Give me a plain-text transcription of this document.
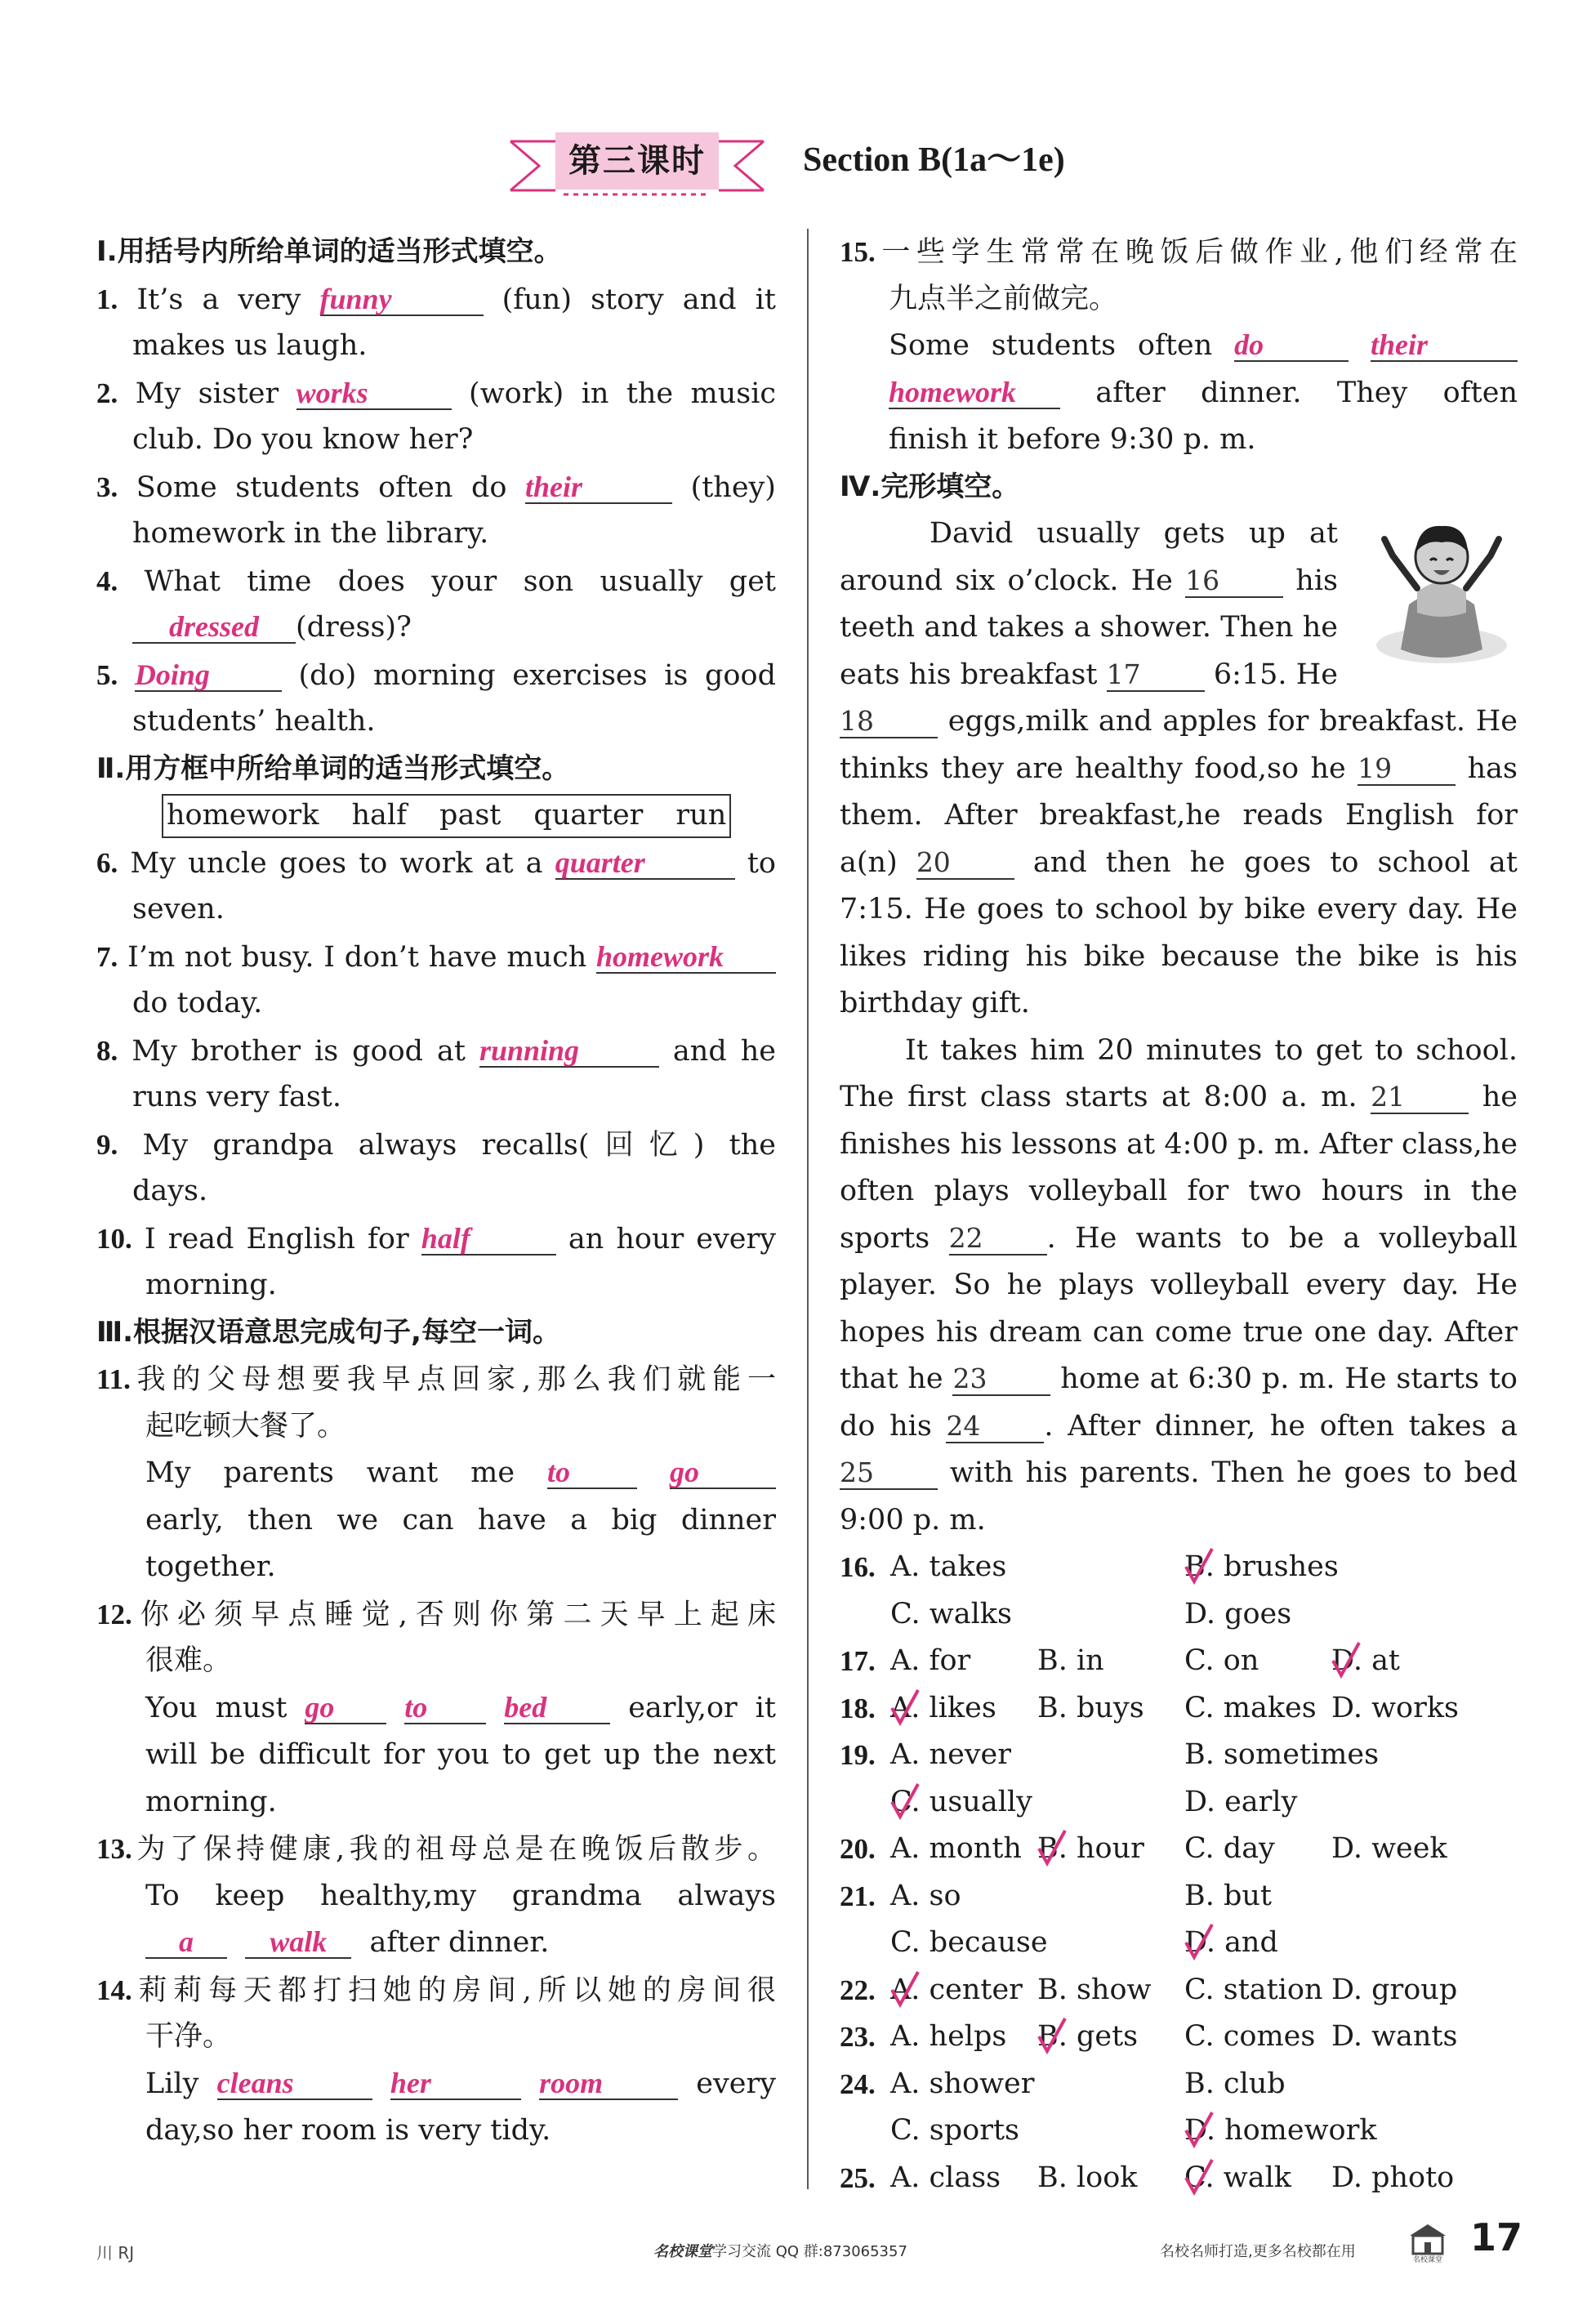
第三课时	Section B(1a～1e)
Ⅰ.用括号内所给单词的适当形式填空。
1. It’s a very funny	(fun) story and it
makes us laugh.
2. My sister works	(work) in the music
club. Do you know her?
3. Some students often do their	(they)
homework in the library.
4. What time does your son usually get
dressed (dress)?
5. Doing	(do) morning exercises is good
students’ health.
Ⅱ.用方框中所给单词的适当形式填空。
homework half past quarter run
6. My uncle goes to work at a quarter	to
seven.
7. I’m not busy. I don’t have much homework
do today.
8. My brother is good at running	and he
runs very fast.
9. My grandpa always recalls(回忆) the
days.
10. I read English for half	an hour every
morning.
Ⅲ.根据汉语意思完成句子,每空一词。
11.我的父母想要我早点回家,那么我们就能一
起吃顿大餐了。
My parents want me to	go
early, then we can have a big dinner
together.
12.你必须早点睡觉,否则你第二天早上起床
很难。
You must go to	bed	early,or it
will be difficult for you to get up the next
morning.
13.为了保持健康,我的祖母总是在晚饭后散步。
To keep healthy,my grandma always
a	walk after dinner.
14.莉莉每天都打扫她的房间,所以她的房间很
干净。
Lily cleans	her	room	every
day,so her room is very tidy.
15.一些学生常常在晚饭后做作业,他们经常在
九点半之前做完。
Some students often do	their
homework	after dinner. They often
finish it before 9:30 p. m.
Ⅳ.完形填空。
David usually gets up at
around six o’clock. He 16	his
teeth and takes a shower. Then he
eats his breakfast 17	6:15. He
18	eggs,milk and apples for breakfast. He
thinks they are healthy food,so he 19	has
them. After breakfast,he reads English for
a(n) 20	and then he goes to school at
7:15. He goes to school by bike every day. He
likes riding his bike because the bike is his
birthday gift.
It takes him 20 minutes to get to school.
The first class starts at 8:00 a. m. 21	he
finishes his lessons at 4:00 p. m. After class,he
often plays volleyball for two hours in the
sports 22 . He wants to be a volleyball
player. So he plays volleyball every day. He
hopes his dream can come true one day. After
that he 23	home at 6:30 p. m. He starts to
do his 24 . After dinner, he often takes a
25	with his parents. Then he goes to bed
9:00 p. m.
16. A. takes	B. brushes
C. walks	D. goes
17. A. for B. in	C. on	D. at
18. A. likes B. buys C. makes D. works
19. A. never	B. sometimes
C. usually	D. early
20. A. month B. hour C. day D. week
21. A. so	B. but
C. because	D. and
22. A. center B. show C. station D. group
23. A. helps B. gets C. comes D. wants
24. A. shower	B. club
C. sports	D. homework
25. A. class B. look C. walk D. photo
川 RJ	名校课堂学习交流 QQ 群:873065357	名校名师打造,更多名校都在用	名校课堂
17
